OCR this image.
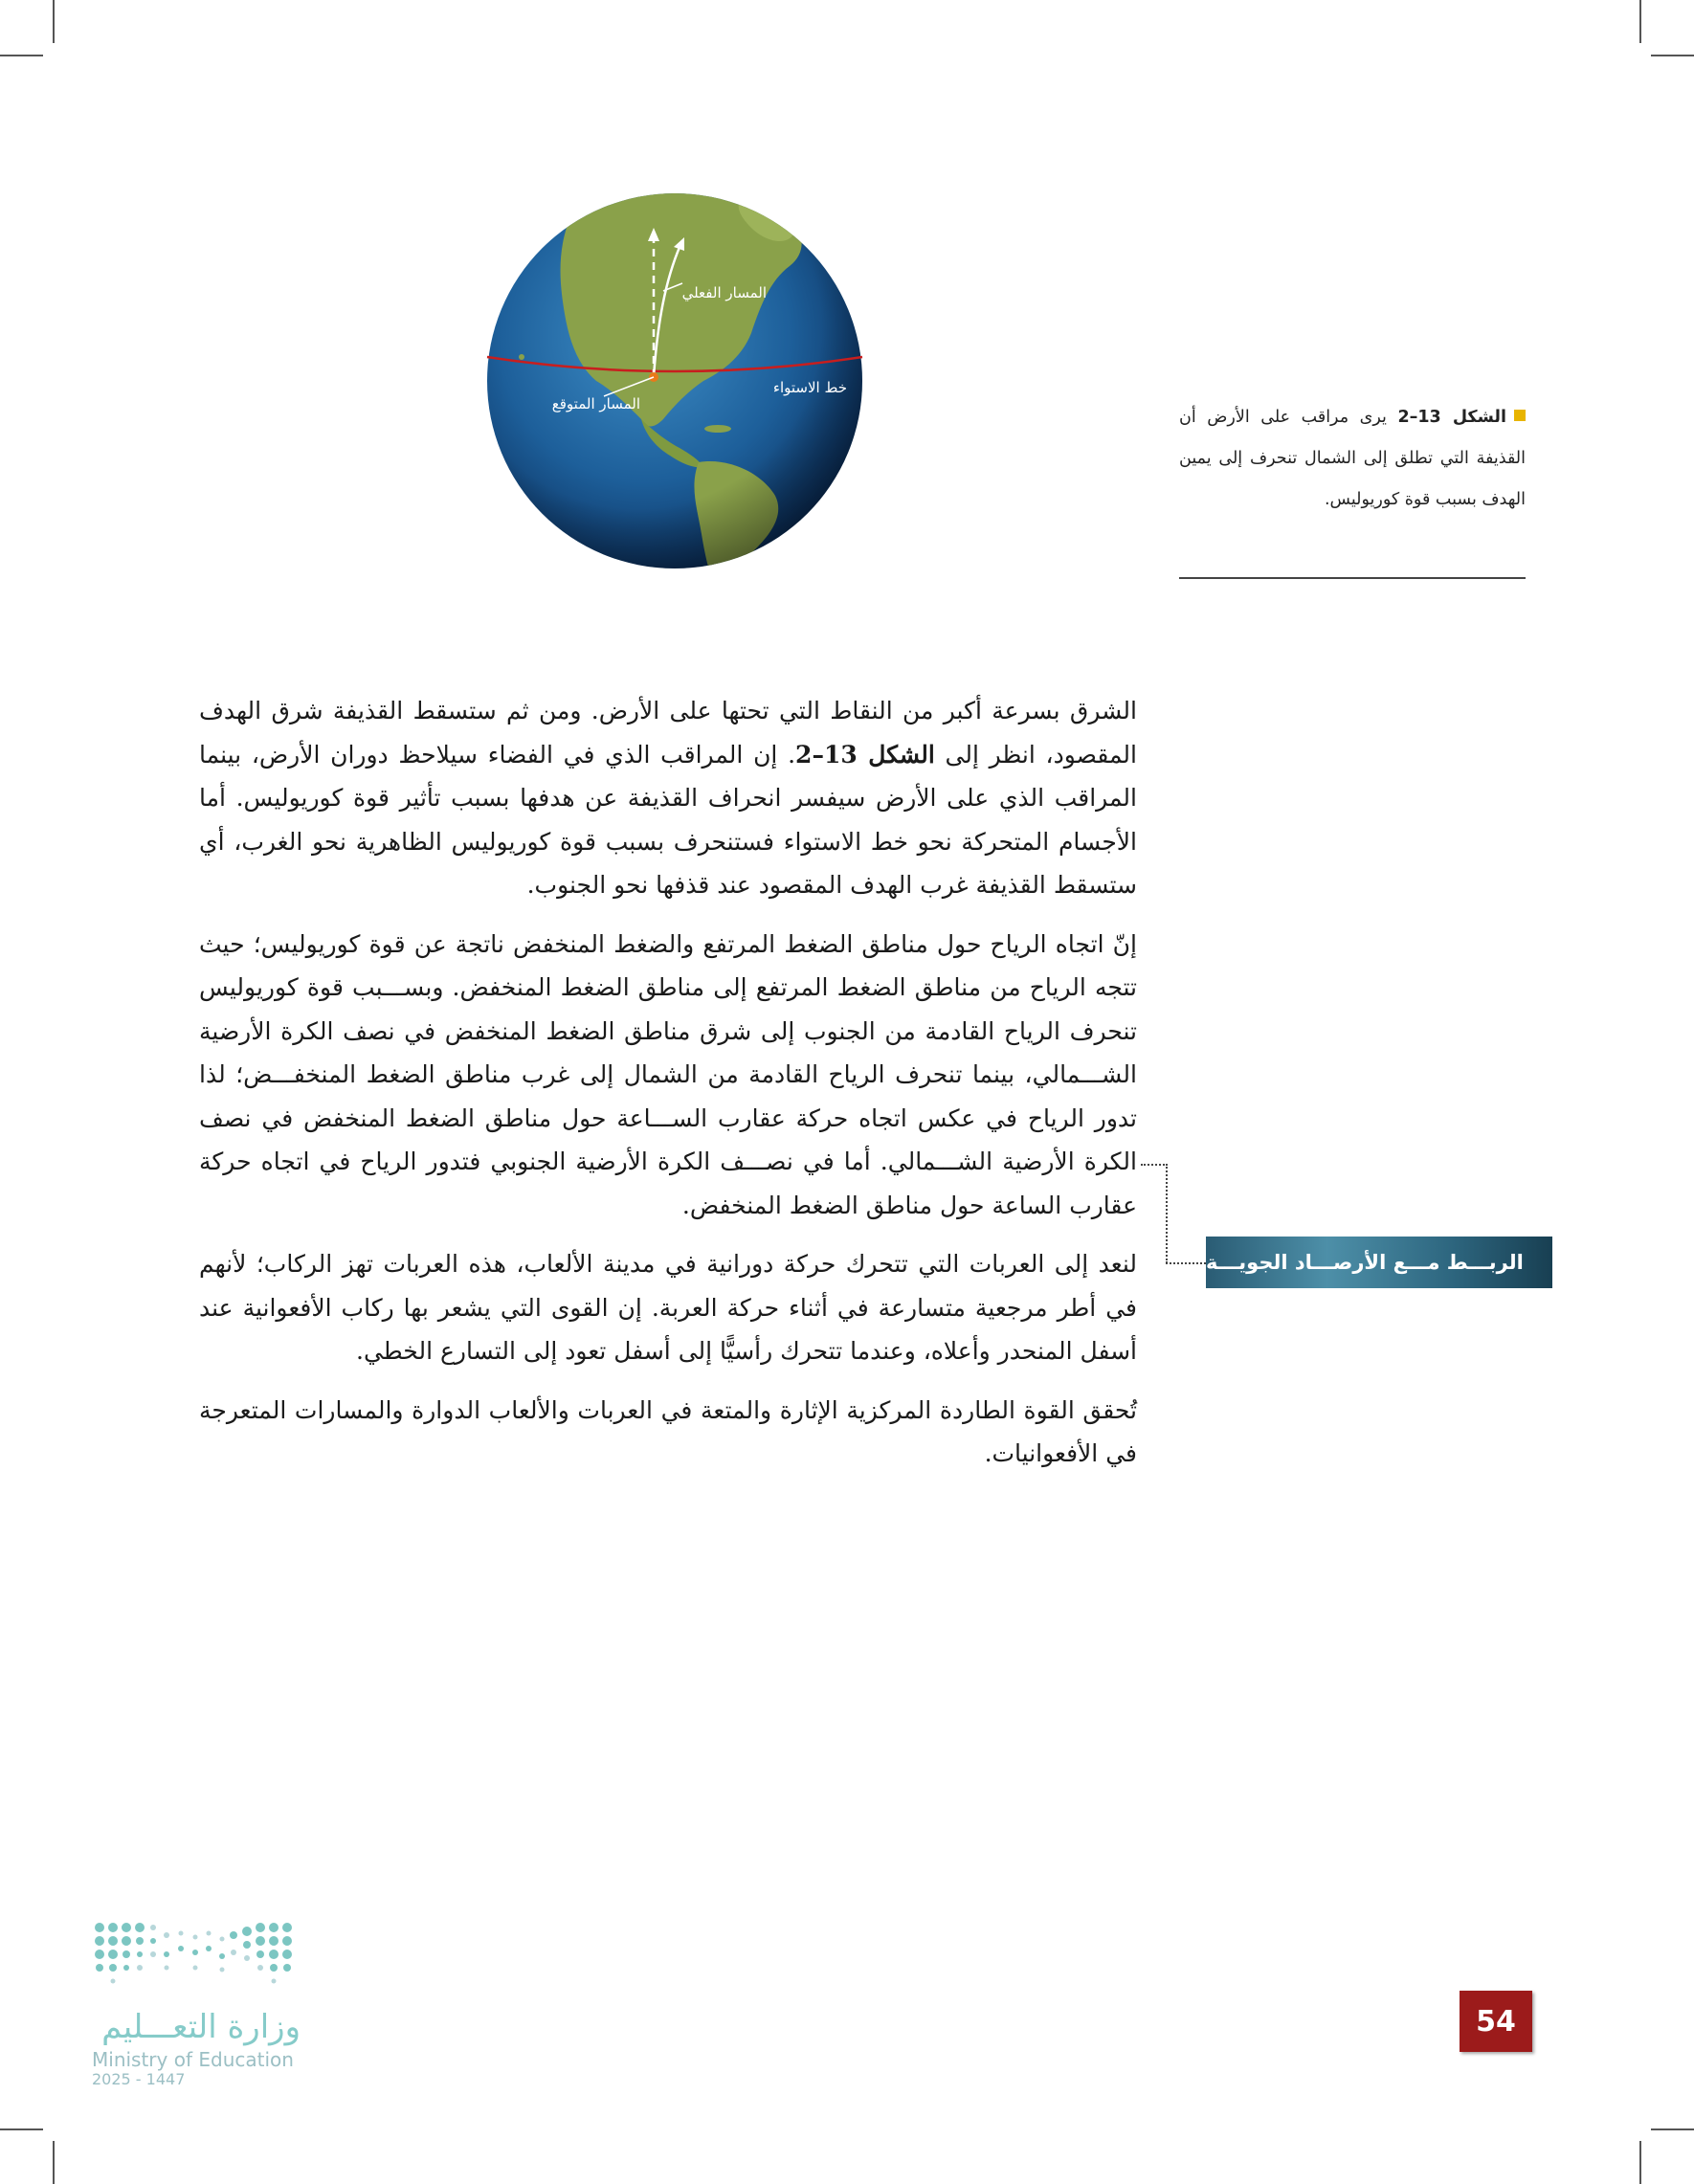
المسار الفعلي
خط الاستواء
المسار المتوقع
الشكل 13–2 يرى مراقب على الأرض أن القذيفة التي تطلق إلى الشمال تنحرف إلى يمين الهدف بسبب قوة كوريوليس.

الشرق بسرعة أكبر من النقاط التي تحتها على الأرض. ومن ثم ستسقط القذيفة شرق الهدف المقصود، انظر إلى الشكل 13–2. إن المراقب الذي في الفضاء سيلاحظ دوران الأرض، بينما المراقب الذي على الأرض سيفسر انحراف القذيفة عن هدفها بسبب تأثير قوة كوريوليس. أما الأجسام المتحركة نحو خط الاستواء فستنحرف بسبب قوة كوريوليس الظاهرية نحو الغرب، أي ستسقط القذيفة غرب الهدف المقصود عند قذفها نحو الجنوب.

إنّ اتجاه الرياح حول مناطق الضغط المرتفع والضغط المنخفض ناتجة عن قوة كوريوليس؛ حيث تتجه الرياح من مناطق الضغط المرتفع إلى مناطق الضغط المنخفض. وبســـبب قوة كوريوليس تنحرف الرياح القادمة من الجنوب إلى شرق مناطق الضغط المنخفض في نصف الكرة الأرضية الشـــمالي، بينما تنحرف الرياح القادمة من الشمال إلى غرب مناطق الضغط المنخفـــض؛ لذا تدور الرياح في عكس اتجاه حركة عقارب الســـاعة حول مناطق الضغط المنخفض في نصف الكرة الأرضية الشـــمالي. أما في نصـــف الكرة الأرضية الجنوبي فتدور الرياح في اتجاه حركة عقارب الساعة حول مناطق الضغط المنخفض.

لنعد إلى العربات التي تتحرك حركة دورانية في مدينة الألعاب، هذه العربات تهز الركاب؛ لأنهم في أطر مرجعية متسارعة في أثناء حركة العربة. إن القوى التي يشعر بها ركاب الأفعوانية عند أسفل المنحدر وأعلاه، وعندما تتحرك رأسيًّا إلى أسفل تعود إلى التسارع الخطي.

تُحقق القوة الطاردة المركزية الإثارة والمتعة في العربات والألعاب الدوارة والمسارات المتعرجة في الأفعوانيات.

الربـــط مـــع الأرصـــاد الجويـــة
وزارة التعـــليم
Ministry of Education
2025 - 1447
54
